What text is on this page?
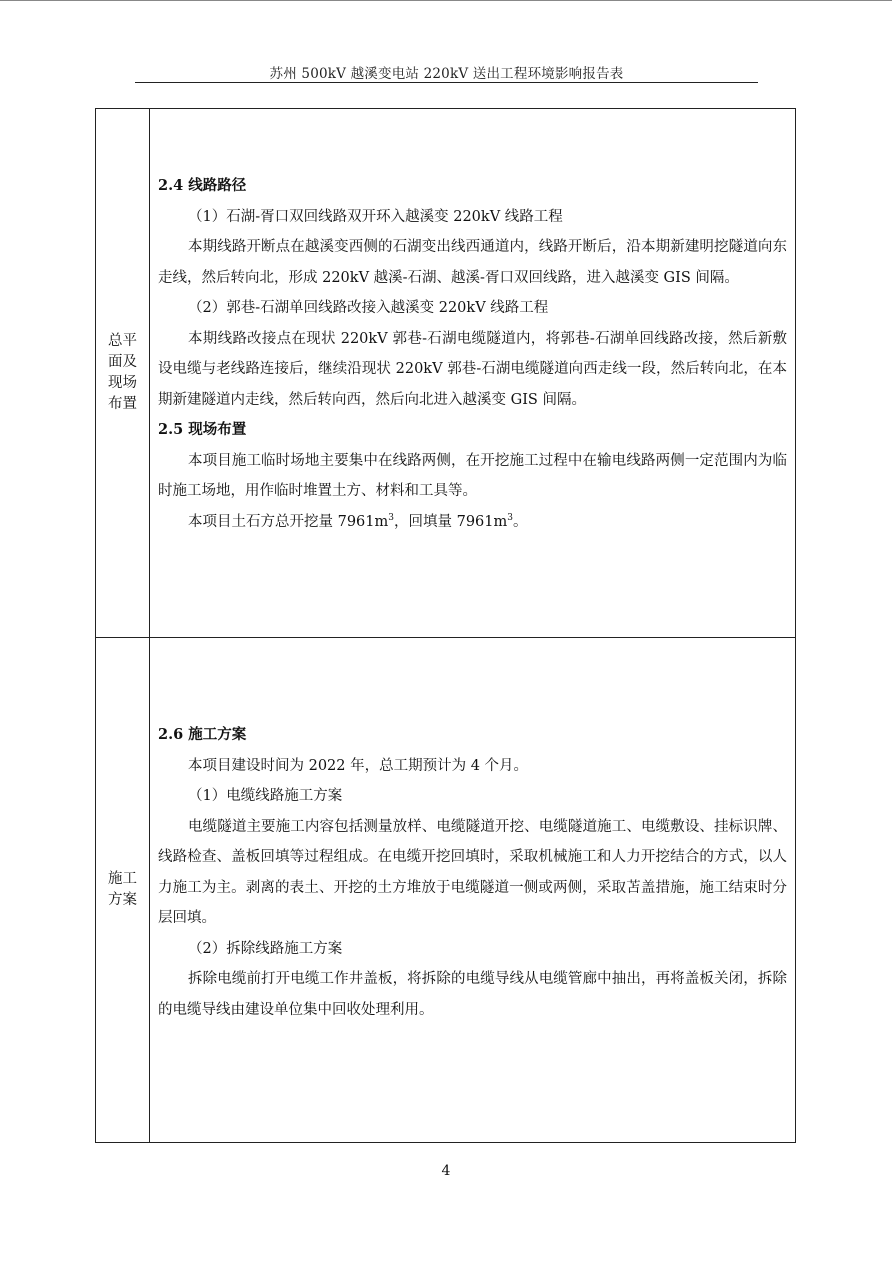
苏州 500kV 越溪变电站 220kV 送出工程环境影响报告表
总平面及现场布置

2.4 线路路径

（1）石湖-胥口双回线路双开环入越溪变 220kV 线路工程

本期线路开断点在越溪变西侧的石湖变出线西通道内，线路开断后，沿本期新建明挖隧道向东走线，然后转向北，形成 220kV 越溪-石湖、越溪-胥口双回线路，进入越溪变 GIS 间隔。

（2）郭巷-石湖单回线路改接入越溪变 220kV 线路工程

本期线路改接点在现状 220kV 郭巷-石湖电缆隧道内，将郭巷-石湖单回线路改接，然后新敷设电缆与老线路连接后，继续沿现状 220kV 郭巷-石湖电缆隧道向西走线一段，然后转向北，在本期新建隧道内走线，然后转向西，然后向北进入越溪变 GIS 间隔。

2.5 现场布置

本项目施工临时场地主要集中在线路两侧，在开挖施工过程中在输电线路两侧一定范围内为临时施工场地，用作临时堆置土方、材料和工具等。

本项目土石方总开挖量 $7961m^3$，回填量 $7961m^3$。

施工方案

2.6 施工方案

本项目建设时间为 2022 年，总工期预计为 4 个月。

（1）电缆线路施工方案

电缆隧道主要施工内容包括测量放样、电缆隧道开挖、电缆隧道施工、电缆敷设、挂标识牌、线路检查、盖板回填等过程组成。在电缆开挖回填时，采取机械施工和人力开挖结合的方式，以人力施工为主。剥离的表土、开挖的土方堆放于电缆隧道一侧或两侧，采取苫盖措施，施工结束时分层回填。

（2）拆除线路施工方案

拆除电缆前打开电缆工作井盖板，将拆除的电缆导线从电缆管廊中抽出，再将盖板关闭，拆除的电缆导线由建设单位集中回收处理利用。

4
